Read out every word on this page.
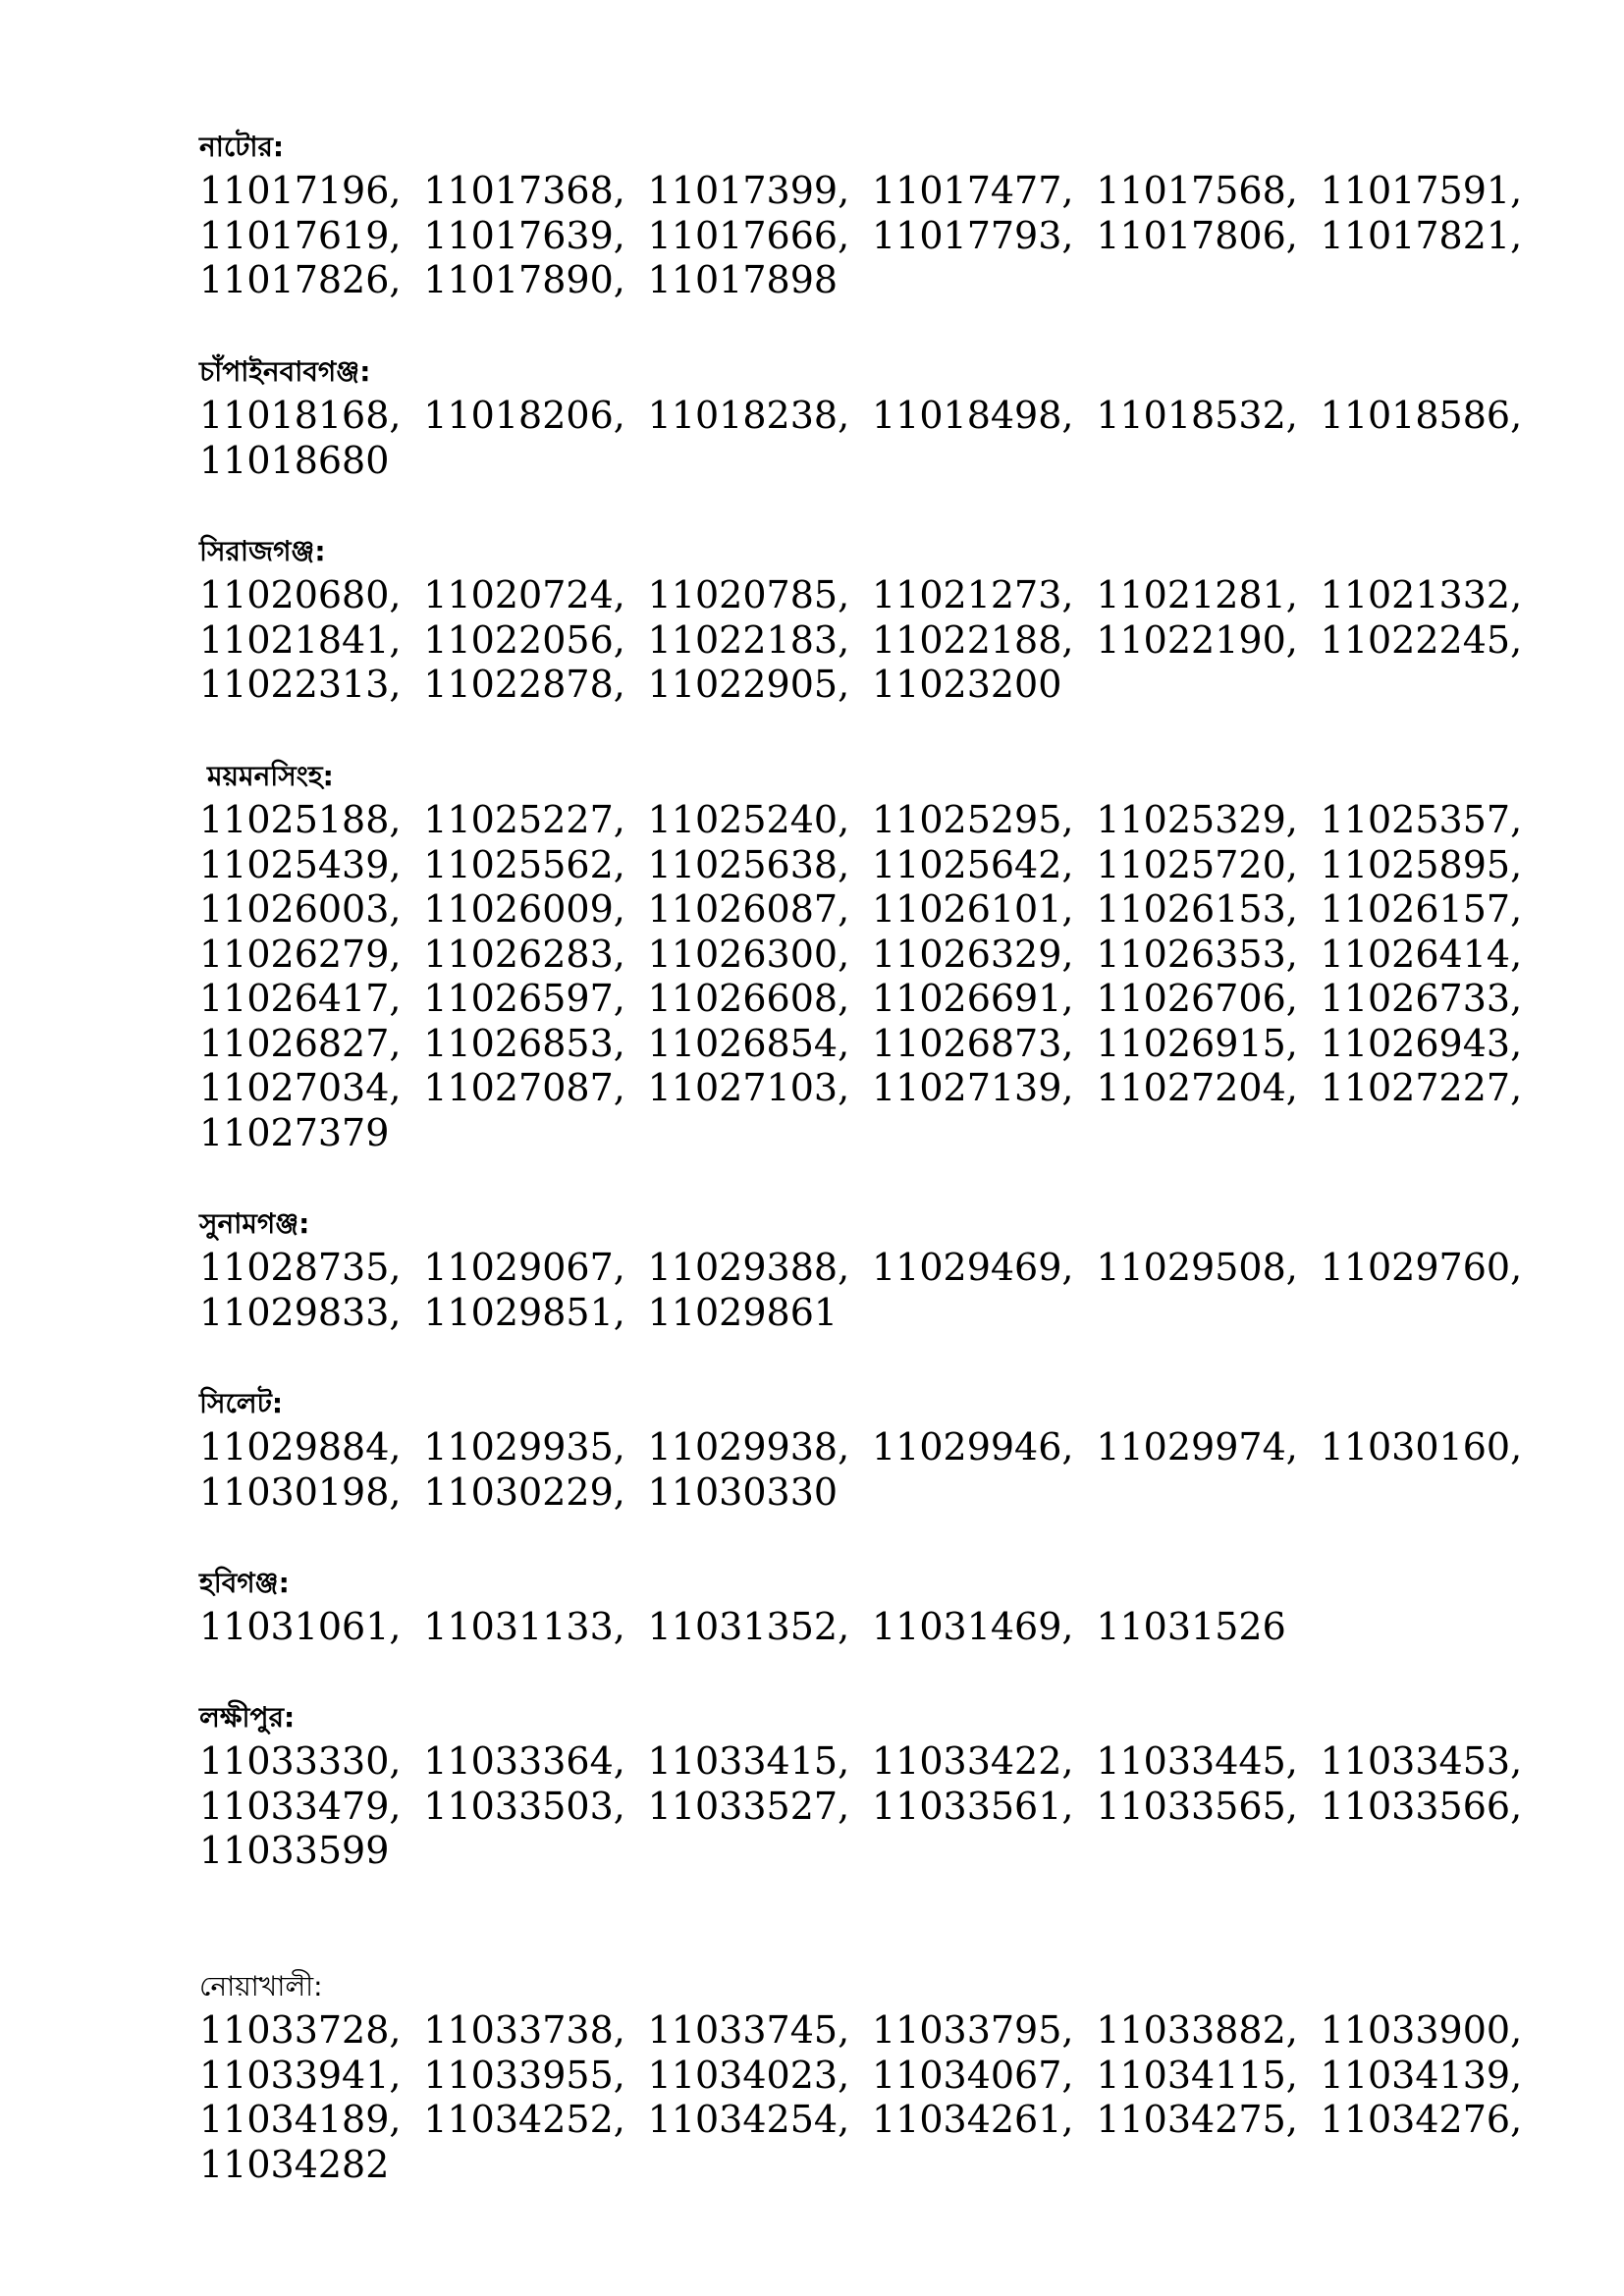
নাটোর:
11017196, 11017368, 11017399, 11017477, 11017568, 11017591,
11017619, 11017639, 11017666, 11017793, 11017806, 11017821,
11017826, 11017890, 11017898
চাঁপাইনবাবগঞ্জ:
11018168, 11018206, 11018238, 11018498, 11018532, 11018586,
11018680
সিরাজগঞ্জ:
11020680, 11020724, 11020785, 11021273, 11021281, 11021332,
11021841, 11022056, 11022183, 11022188, 11022190, 11022245,
11022313, 11022878, 11022905, 11023200
ময়মনসিংহ:
11025188, 11025227, 11025240, 11025295, 11025329, 11025357,
11025439, 11025562, 11025638, 11025642, 11025720, 11025895,
11026003, 11026009, 11026087, 11026101, 11026153, 11026157,
11026279, 11026283, 11026300, 11026329, 11026353, 11026414,
11026417, 11026597, 11026608, 11026691, 11026706, 11026733,
11026827, 11026853, 11026854, 11026873, 11026915, 11026943,
11027034, 11027087, 11027103, 11027139, 11027204, 11027227,
11027379
সুনামগঞ্জ:
11028735, 11029067, 11029388, 11029469, 11029508, 11029760,
11029833, 11029851, 11029861
সিলেট:
11029884, 11029935, 11029938, 11029946, 11029974, 11030160,
11030198, 11030229, 11030330
হবিগঞ্জ:
11031061, 11031133, 11031352, 11031469, 11031526
লক্ষীপুর:
11033330, 11033364, 11033415, 11033422, 11033445, 11033453,
11033479, 11033503, 11033527, 11033561, 11033565, 11033566,
11033599
নোয়াখালী:
11033728, 11033738, 11033745, 11033795, 11033882, 11033900,
11033941, 11033955, 11034023, 11034067, 11034115, 11034139,
11034189, 11034252, 11034254, 11034261, 11034275, 11034276,
11034282
